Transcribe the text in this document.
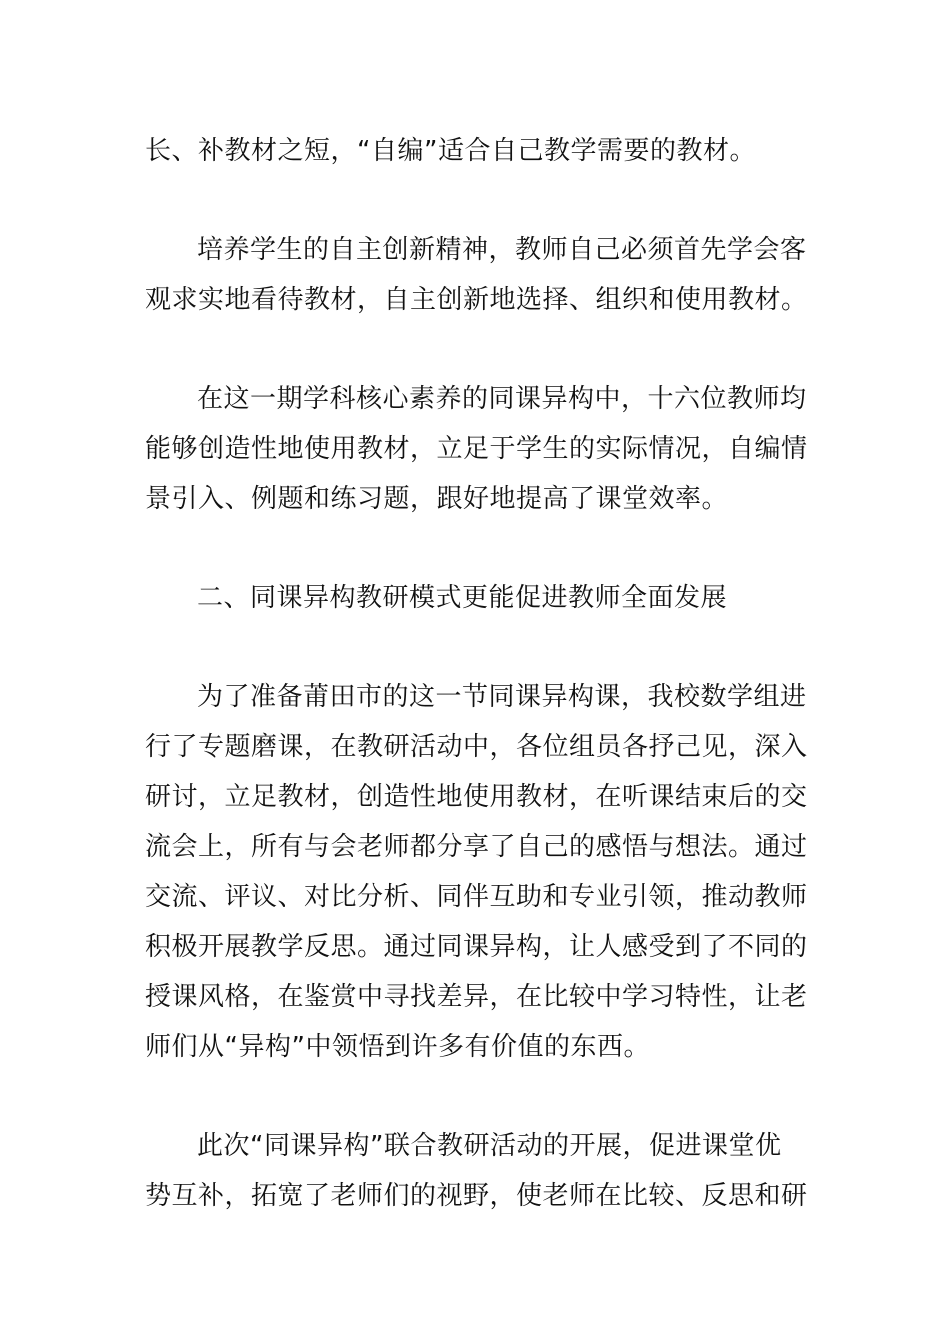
长、补教材之短，“自编”适合自己教学需要的教材。
培养学生的自主创新精神，教师自己必须首先学会客
观求实地看待教材，自主创新地选择、组织和使用教材。
在这一期学科核心素养的同课异构中，十六位教师均
能够创造性地使用教材，立足于学生的实际情况，自编情
景引入、例题和练习题，跟好地提高了课堂效率。
二、同课异构教研模式更能促进教师全面发展
为了准备莆田市的这一节同课异构课，我校数学组进
行了专题磨课，在教研活动中，各位组员各抒己见，深入
研讨，立足教材，创造性地使用教材，在听课结束后的交
流会上，所有与会老师都分享了自己的感悟与想法。通过
交流、评议、对比分析、同伴互助和专业引领，推动教师
积极开展教学反思。通过同课异构，让人感受到了不同的
授课风格，在鉴赏中寻找差异，在比较中学习特性，让老
师们从“异构”中领悟到许多有价值的东西。
此次“同课异构”联合教研活动的开展，促进课堂优
势互补，拓宽了老师们的视野，使老师在比较、反思和研
